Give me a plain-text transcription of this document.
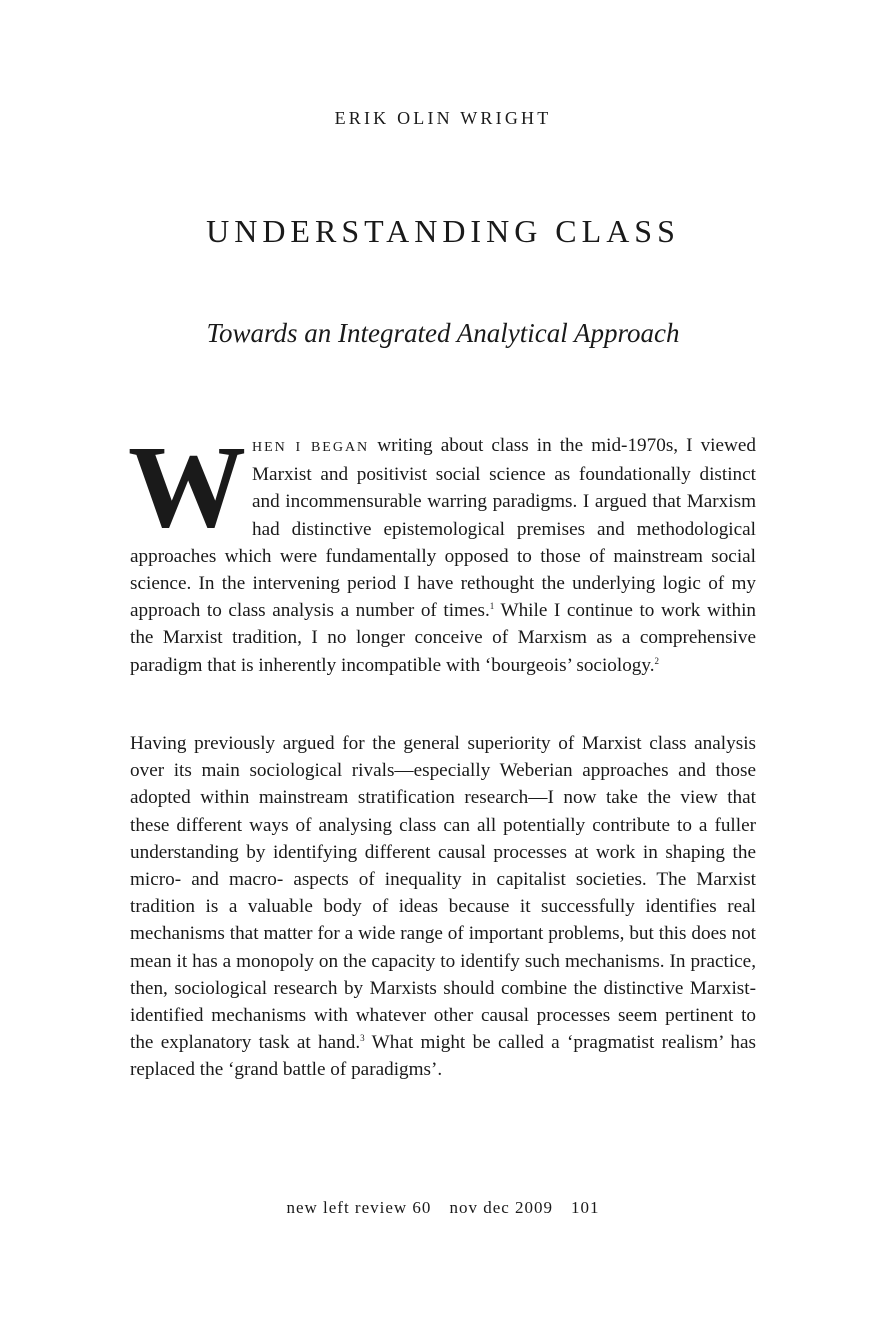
ERIK OLIN WRIGHT
UNDERSTANDING CLASS
Towards an Integrated Analytical Approach
WHEN I BEGAN writing about class in the mid-1970s, I viewed Marxist and positivist social science as foundationally distinct and incommensurable warring paradigms. I argued that Marxism had distinctive epistemological premises and methodological approaches which were fundamentally opposed to those of mainstream social science. In the intervening period I have rethought the underlying logic of my approach to class analysis a number of times.$^1$ While I continue to work within the Marxist tradition, I no longer conceive of Marxism as a comprehensive paradigm that is inherently incompatible with ‘bourgeois’ sociology.$^2$
Having previously argued for the general superiority of Marxist class analysis over its main sociological rivals—especially Weberian approaches and those adopted within mainstream stratification research—I now take the view that these different ways of analysing class can all potentially contribute to a fuller understanding by identifying different causal processes at work in shaping the micro- and macro- aspects of inequality in capitalist societies. The Marxist tradition is a valuable body of ideas because it successfully identifies real mechanisms that matter for a wide range of important problems, but this does not mean it has a monopoly on the capacity to identify such mechanisms. In practice, then, sociological research by Marxists should combine the distinctive Marxist-identified mechanisms with whatever other causal processes seem pertinent to the explanatory task at hand.$^3$ What might be called a ‘pragmatist realism’ has replaced the ‘grand battle of paradigms’.
new left review 60 nov dec 2009 101
